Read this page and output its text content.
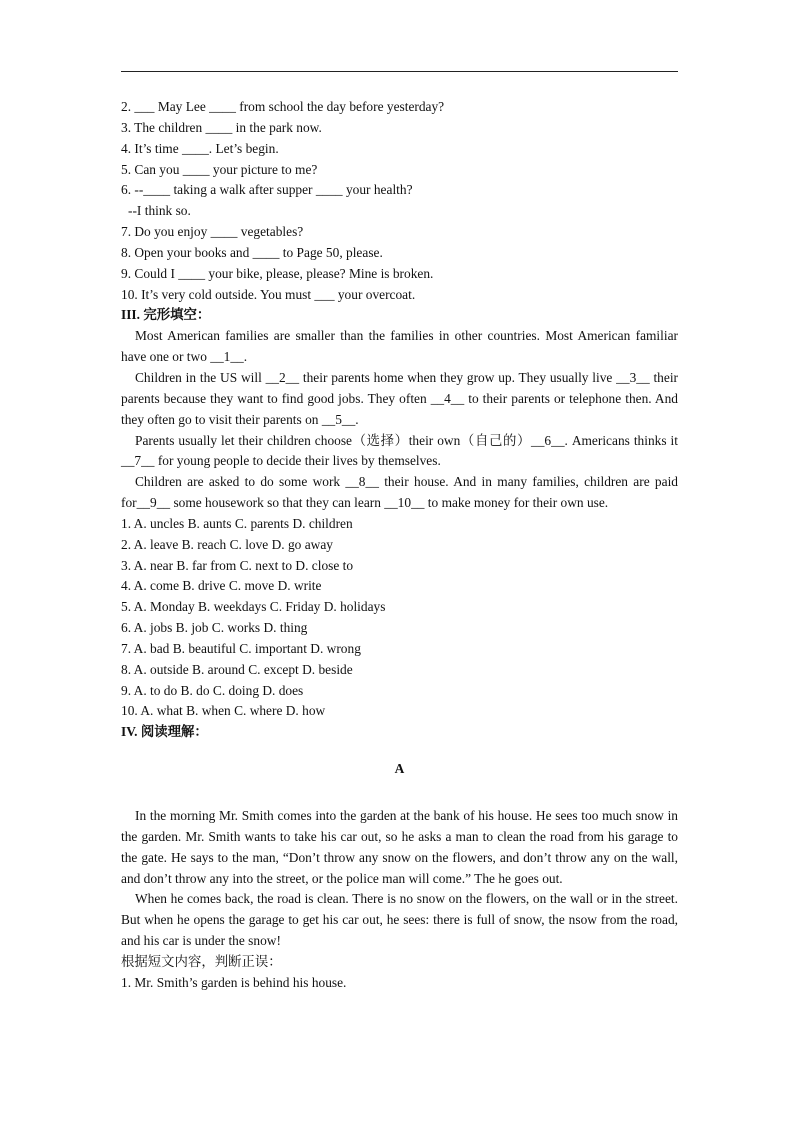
2. ___ May Lee ____ from school the day before yesterday?
3. The children ____ in the park now.
4. It’s time ____. Let’s begin.
5. Can you ____ your picture to me?
6. --____ taking a walk after supper ____ your health?
--I think so.
7. Do you enjoy ____ vegetables?
8. Open your books and ____ to Page 50, please.
9. Could I ____ your bike, please, please? Mine is broken.
10. It’s very cold outside. You must ___ your overcoat.
III. 完形填空：
Most American families are smaller than the families in other countries. Most American familiar have one or two __1__.
Children in the US will __2__ their parents home when they grow up. They usually live __3__ their parents because they want to find good jobs. They often __4__ to their parents or telephone then. And they often go to visit their parents on __5__.
Parents usually let their children choose（选择）their own（自己的）__6__. Americans thinks it __7__ for young people to decide their lives by themselves.
Children are asked to do some work __8__ their house. And in many families, children are paid for__9__ some housework so that they can learn __10__ to make money for their own use.
1. A. uncles B. aunts C. parents D. children
2. A. leave B. reach C. love D. go away
3. A. near B. far from C. next to D. close to
4. A. come B. drive C. move D. write
5. A. Monday B. weekdays C. Friday D. holidays
6. A. jobs B. job C. works D. thing
7. A. bad B. beautiful C. important D. wrong
8. A. outside B. around C. except D. beside
9. A. to do B. do C. doing D. does
10. A. what B. when C. where D. how
IV. 阅读理解：
A
In the morning Mr. Smith comes into the garden at the bank of his house. He sees too much snow in the garden. Mr. Smith wants to take his car out, so he asks a man to clean the road from his garage to the gate. He says to the man, “Don’t throw any snow on the flowers, and don’t throw any on the wall, and don’t throw any into the street, or the police man will come.” The he goes out.
When he comes back, the road is clean. There is no snow on the flowers, on the wall or in the street. But when he opens the garage to get his car out, he sees: there is full of snow, the nsow from the road, and his car is under the snow!
根据短文内容，判断正误：
1. Mr. Smith’s garden is behind his house.
